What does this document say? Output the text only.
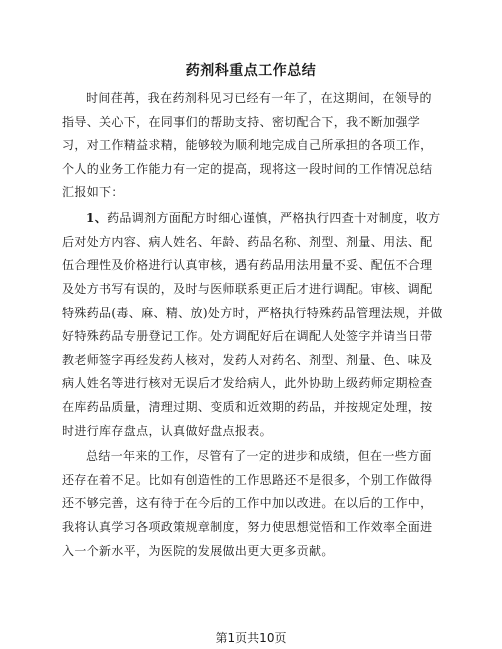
药剂科重点工作总结
时间荏苒，我在药剂科见习已经有一年了，在这期间，在领导的
指导、关心下，在同事们的帮助支持、密切配合下，我不断加强学
习，对工作精益求精，能够较为顺利地完成自己所承担的各项工作，
个人的业务工作能力有一定的提高，现将这一段时间的工作情况总结
汇报如下：
1、药品调剂方面配方时细心谨慎，严格执行四查十对制度，收方
后对处方内容、病人姓名、年龄、药品名称、剂型、剂量、用法、配
伍合理性及价格进行认真审核，遇有药品用法用量不妥、配伍不合理
及处方书写有误的，及时与医师联系更正后才进行调配。审核、调配
特殊药品(毒、麻、精、放)处方时，严格执行特殊药品管理法规，并做
好特殊药品专册登记工作。处方调配好后在调配人处签字并请当日带
教老师签字再经发药人核对，发药人对药名、剂型、剂量、色、味及
病人姓名等进行核对无误后才发给病人，此外协助上级药师定期检查
在库药品质量，清理过期、变质和近效期的药品，并按规定处理，按
时进行库存盘点，认真做好盘点报表。
总结一年来的工作，尽管有了一定的进步和成绩，但在一些方面
还存在着不足。比如有创造性的工作思路还不是很多，个别工作做得
还不够完善，这有待于在今后的工作中加以改进。在以后的工作中，
我将认真学习各项政策规章制度，努力使思想觉悟和工作效率全面进
入一个新水平，为医院的发展做出更大更多贡献。
第1页共10页
